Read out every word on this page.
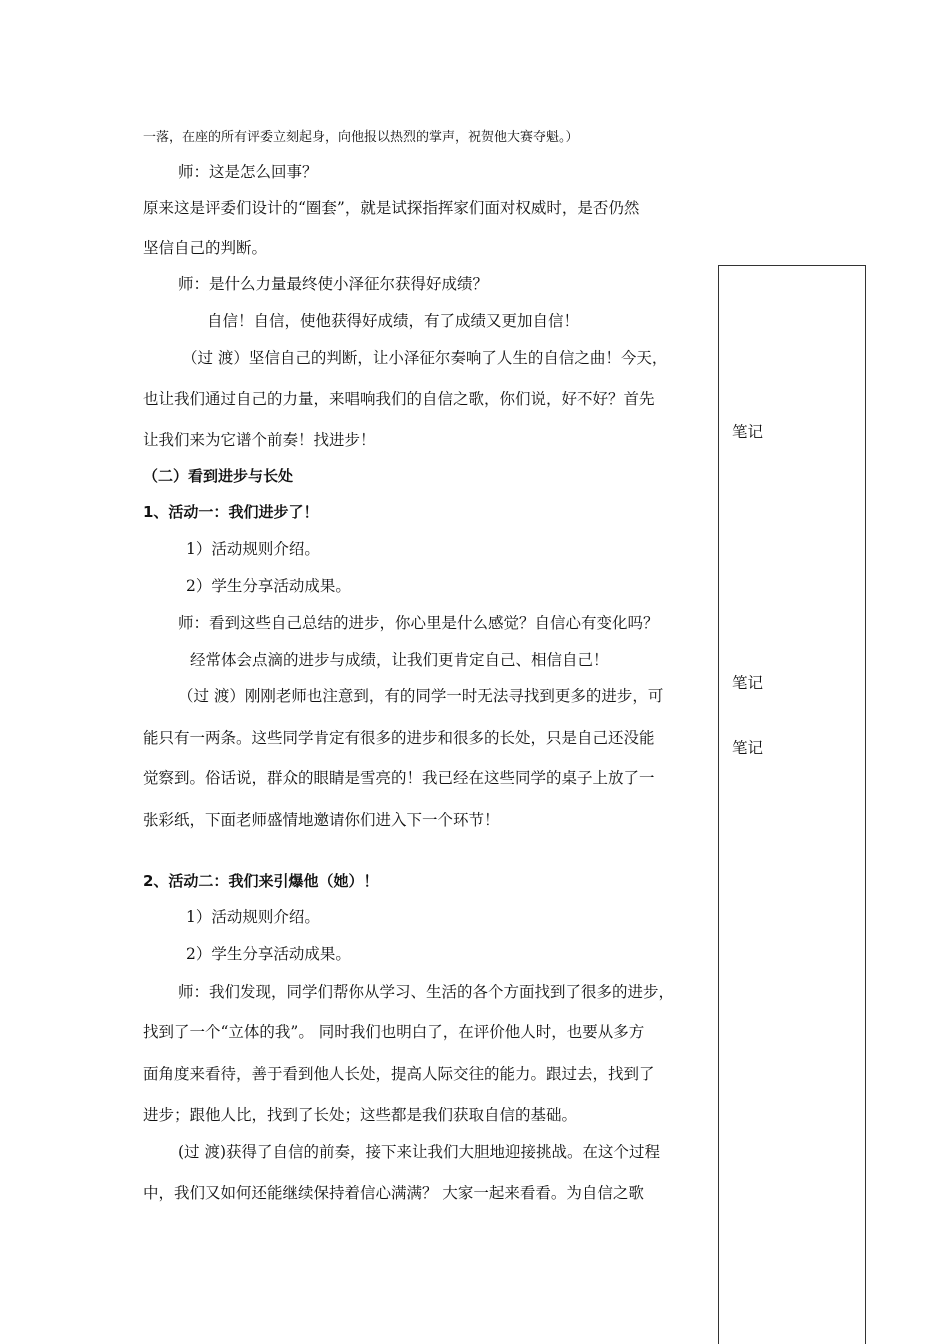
一落，在座的所有评委立刻起身，向他报以热烈的掌声，祝贺他大赛夺魁。）
师：这是怎么回事？
原来这是评委们设计的“圈套”，就是试探指挥家们面对权威时，是否仍然
坚信自己的判断。
师：是什么力量最终使小泽征尔获得好成绩？
自信！自信，使他获得好成绩，有了成绩又更加自信！
（过 渡）坚信自己的判断，让小泽征尔奏响了人生的自信之曲！今天，
也让我们通过自己的力量，来唱响我们的自信之歌，你们说，好不好？首先
让我们来为它谱个前奏！找进步！
（二）看到进步与长处
1、活动一：我们进步了！
1）活动规则介绍。
2）学生分享活动成果。
师：看到这些自己总结的进步，你心里是什么感觉？自信心有变化吗？
经常体会点滴的进步与成绩，让我们更肯定自己、相信自己！
（过 渡）刚刚老师也注意到，有的同学一时无法寻找到更多的进步，可
能只有一两条。这些同学肯定有很多的进步和很多的长处，只是自己还没能
觉察到。俗话说，群众的眼睛是雪亮的！我已经在这些同学的桌子上放了一
张彩纸，下面老师盛情地邀请你们进入下一个环节！
2、活动二：我们来引爆他（她）！
1）活动规则介绍。
2）学生分享活动成果。
师：我们发现，同学们帮你从学习、生活的各个方面找到了很多的进步，
找到了一个“立体的我”。 同时我们也明白了，在评价他人时，也要从多方
面角度来看待，善于看到他人长处，提高人际交往的能力。跟过去，找到了
进步；跟他人比，找到了长处；这些都是我们获取自信的基础。
(过 渡)获得了自信的前奏，接下来让我们大胆地迎接挑战。在这个过程
中，我们又如何还能继续保持着信心满满？ 大家一起来看看。为自信之歌
笔记
笔记
笔记
